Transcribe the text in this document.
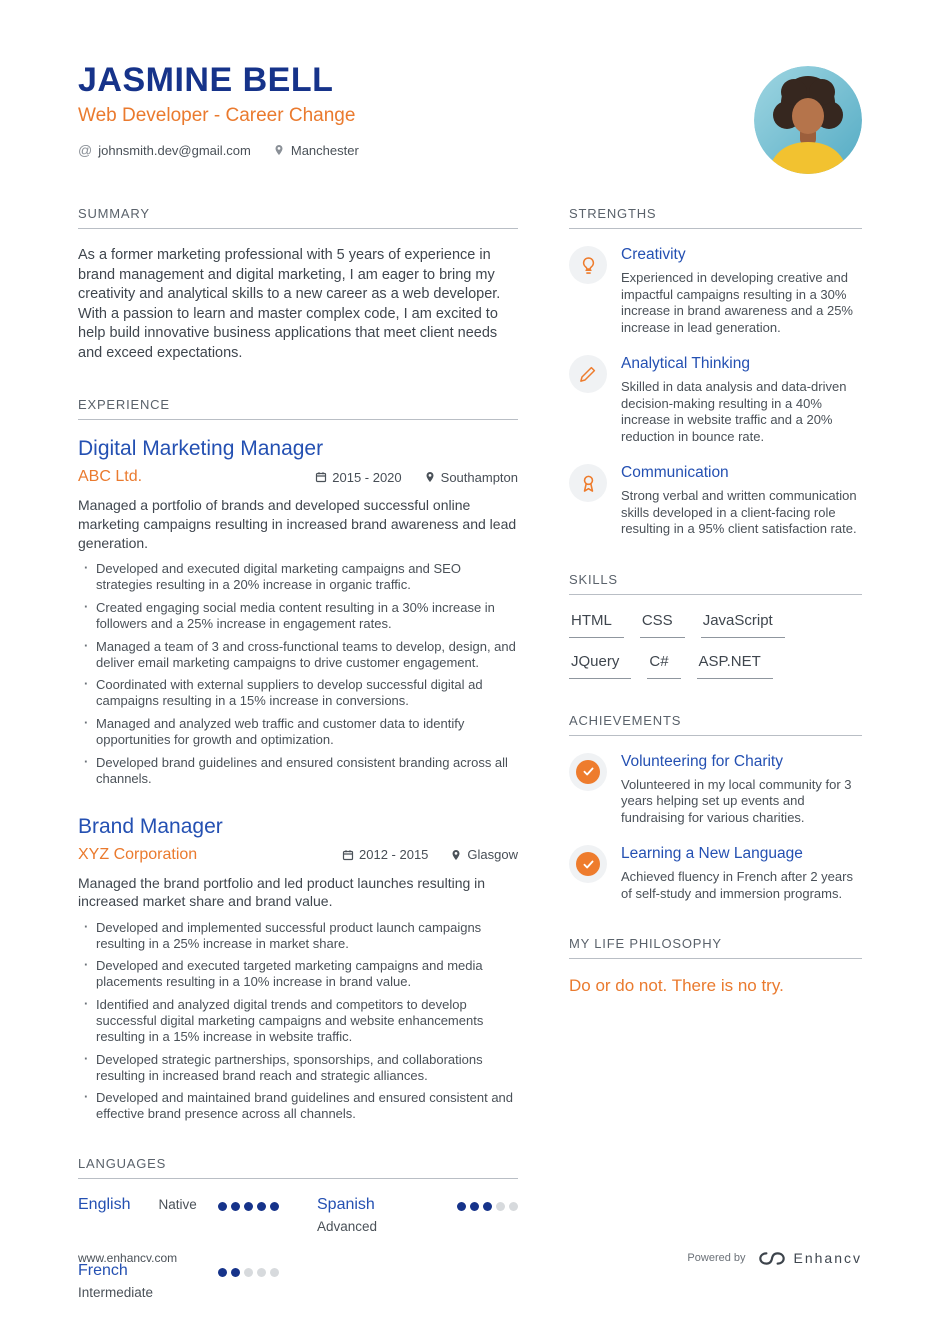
JASMINE BELL
Web Developer - Career Change
@ johnsmith.dev@gmail.com	Manchester
SUMMARY

As a former marketing professional with 5 years of experience in brand management and digital marketing, I am eager to bring my creativity and analytical skills to a new career as a web developer. With a passion to learn and master complex code, I am excited to help build innovative business applications that meet client needs and exceed expectations.

EXPERIENCE
Digital Marketing Manager
ABC Ltd.	2015 - 2020	Southampton

Managed a portfolio of brands and developed successful online marketing campaigns resulting in increased brand awareness and lead generation.

· Developed and executed digital marketing campaigns and SEO strategies resulting in a 20% increase in organic traffic.
· Created engaging social media content resulting in a 30% increase in followers and a 25% increase in engagement rates.
· Managed a team of 3 and cross-functional teams to develop, design, and deliver email marketing campaigns to drive customer engagement.
· Coordinated with external suppliers to develop successful digital ad campaigns resulting in a 15% increase in conversions.
· Managed and analyzed web traffic and customer data to identify opportunities for growth and optimization.
· Developed brand guidelines and ensured consistent branding across all channels.
Brand Manager
XYZ Corporation	2012 - 2015	Glasgow

Managed the brand portfolio and led product launches resulting in increased market share and brand value.

· Developed and implemented successful product launch campaigns resulting in a 25% increase in market share.
· Developed and executed targeted marketing campaigns and media placements resulting in a 10% increase in brand value.
· Identified and analyzed digital trends and competitors to develop successful digital marketing campaigns and website enhancements resulting in a 15% increase in website traffic.
· Developed strategic partnerships, sponsorships, and collaborations resulting in increased brand reach and strategic alliances.
· Developed and maintained brand guidelines and ensured consistent and effective brand presence across all channels.
LANGUAGES
English Native	Spanish
Advanced
French
Intermediate
STRENGTHS
Creativity
Experienced in developing creative and impactful campaigns resulting in a 30% increase in brand awareness and a 25% increase in lead generation.
Analytical Thinking
Skilled in data analysis and data-driven decision-making resulting in a 40% increase in website traffic and a 20% reduction in bounce rate.
Communication
Strong verbal and written communication skills developed in a client-facing role resulting in a 95% client satisfaction rate.
SKILLS
HTML	CSS	JavaScript
JQuery	C#	ASP.NET
ACHIEVEMENTS
Volunteering for Charity
Volunteered in my local community for 3 years helping set up events and fundraising for various charities.
Learning a New Language
Achieved fluency in French after 2 years of self-study and immersion programs.
MY LIFE PHILOSOPHY
Do or do not. There is no try.
www.enhancv.com	Powered by	Enhancv
